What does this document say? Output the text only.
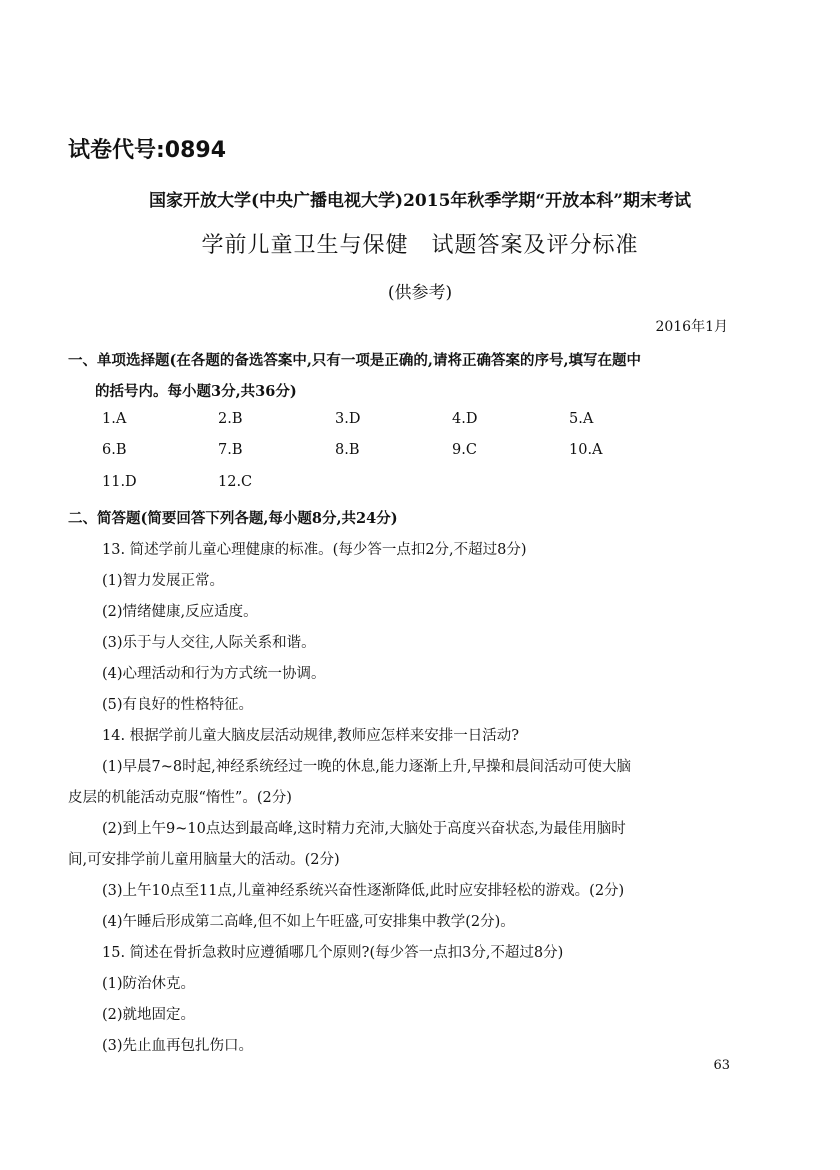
试卷代号:0894
国家开放大学(中央广播电视大学)2015年秋季学期“开放本科”期末考试
学前儿童卫生与保健　试题答案及评分标准
(供参考)
2016年1月
一、单项选择题(在各题的备选答案中,只有一项是正确的,请将正确答案的序号,填写在题中
的括号内。每小题3分,共36分)
1.A	2.B	3.D	4.D	5.A
6.B	7.B	8.B	9.C	10.A
11.D	12.C
二、简答题(简要回答下列各题,每小题8分,共24分)
13. 简述学前儿童心理健康的标准。(每少答一点扣2分,不超过8分)
(1)智力发展正常。
(2)情绪健康,反应适度。
(3)乐于与人交往,人际关系和谐。
(4)心理活动和行为方式统一协调。
(5)有良好的性格特征。
14. 根据学前儿童大脑皮层活动规律,教师应怎样来安排一日活动?
(1)早晨7~8时起,神经系统经过一晚的休息,能力逐渐上升,早操和晨间活动可使大脑
皮层的机能活动克服“惰性”。(2分)
(2)到上午9~10点达到最高峰,这时精力充沛,大脑处于高度兴奋状态,为最佳用脑时
间,可安排学前儿童用脑量大的活动。(2分)
(3)上午10点至11点,儿童神经系统兴奋性逐渐降低,此时应安排轻松的游戏。(2分)
(4)午睡后形成第二高峰,但不如上午旺盛,可安排集中教学(2分)。
15. 简述在骨折急救时应遵循哪几个原则?(每少答一点扣3分,不超过8分)
(1)防治休克。
(2)就地固定。
(3)先止血再包扎伤口。
63
